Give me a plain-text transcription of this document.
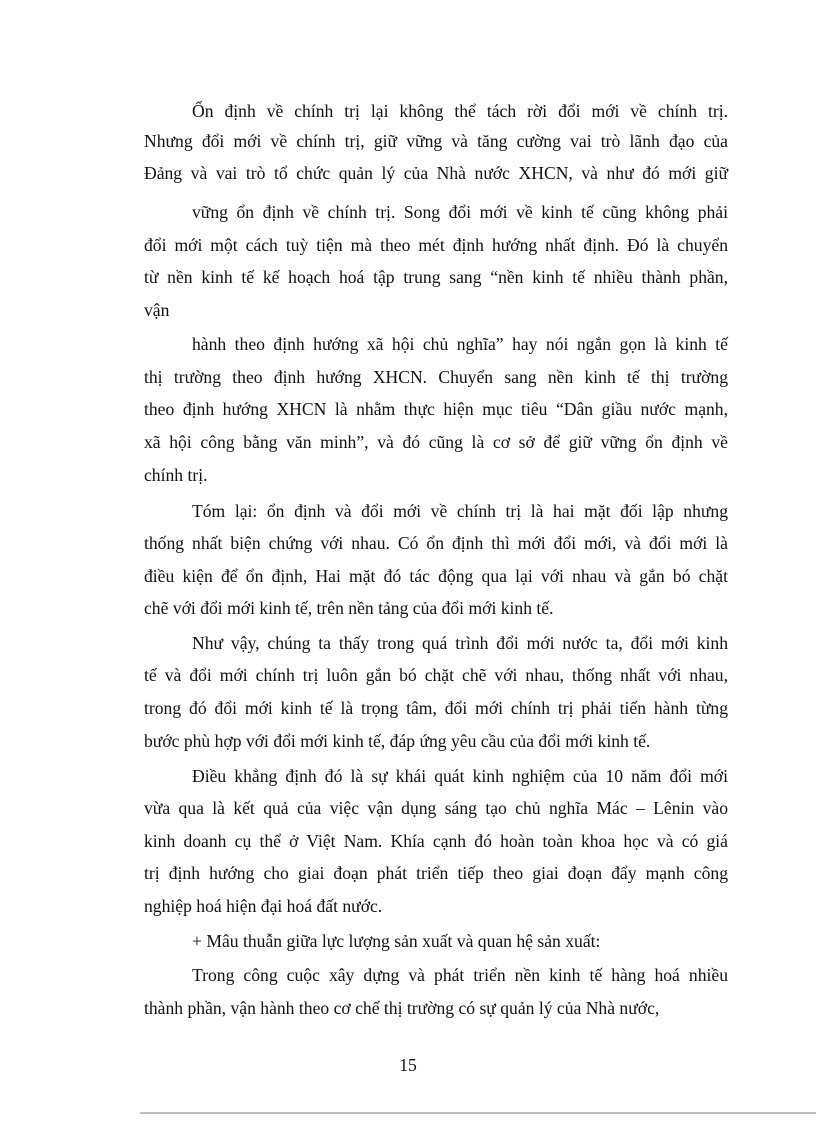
Ổn định về chính trị lại không thể tách rời đổi mới về chính trị.
Nhưng đổi mới về chính trị, giữ vững và tăng cường vai trò lãnh đạo của
Đảng và vai trò tổ chức quản lý của Nhà nước XHCN, và như đó mới giữ
vững ổn định về chính trị. Song đổi mới về kinh tế cũng không phải
đổi mới một cách tuỳ tiện mà theo mét định hướng nhất định. Đó là chuyển
từ nền kinh tế kế hoạch hoá tập trung sang “nền kinh tế nhiều thành phần,
vận
hành theo định hướng xã hội chủ nghĩa” hay nói ngắn gọn là kinh tế
thị trường theo định hướng XHCN. Chuyển sang nền kinh tế thị trường
theo định hướng XHCN là nhằm thực hiện mục tiêu “Dân giầu nước mạnh,
xã hội công bằng văn minh”, và đó cũng là cơ sở để giữ vững ổn định về
chính trị.
Tóm lại: ổn định và đổi mới về chính trị là hai mặt đối lập nhưng
thống nhất biện chứng với nhau. Có ổn định thì mới đổi mới, và đổi mới là
điều kiện để ổn định, Hai mặt đó tác động qua lại với nhau và gắn bó chặt
chẽ với đổi mới kinh tế, trên nền tảng của đổi mới kinh tế.
Như vậy, chúng ta thấy trong quá trình đổi mới nước ta, đổi mới kinh
tế và đổi mới chính trị luôn gắn bó chặt chẽ với nhau, thống nhất với nhau,
trong đó đổi mới kinh tế là trọng tâm, đổi mới chính trị phải tiến hành từng
bước phù hợp với đổi mới kinh tế, đáp ứng yêu cầu của đổi mới kinh tế.
Điều khẳng định đó là sự khái quát kinh nghiệm của 10 năm đổi mới
vừa qua là kết quả của việc vận dụng sáng tạo chủ nghĩa Mác – Lênin vào
kinh doanh cụ thể ở Việt Nam. Khía cạnh đó hoàn toàn khoa học và có giá
trị định hướng cho giai đoạn phát triển tiếp theo giai đoạn đẩy mạnh công
nghiệp hoá hiện đại hoá đất nước.
+ Mâu thuẫn giữa lực lượng sản xuất và quan hệ sản xuất:
Trong công cuộc xây dựng và phát triển nền kinh tế hàng hoá nhiều
thành phần, vận hành theo cơ chế thị trường có sự quản lý của Nhà nước,
15
